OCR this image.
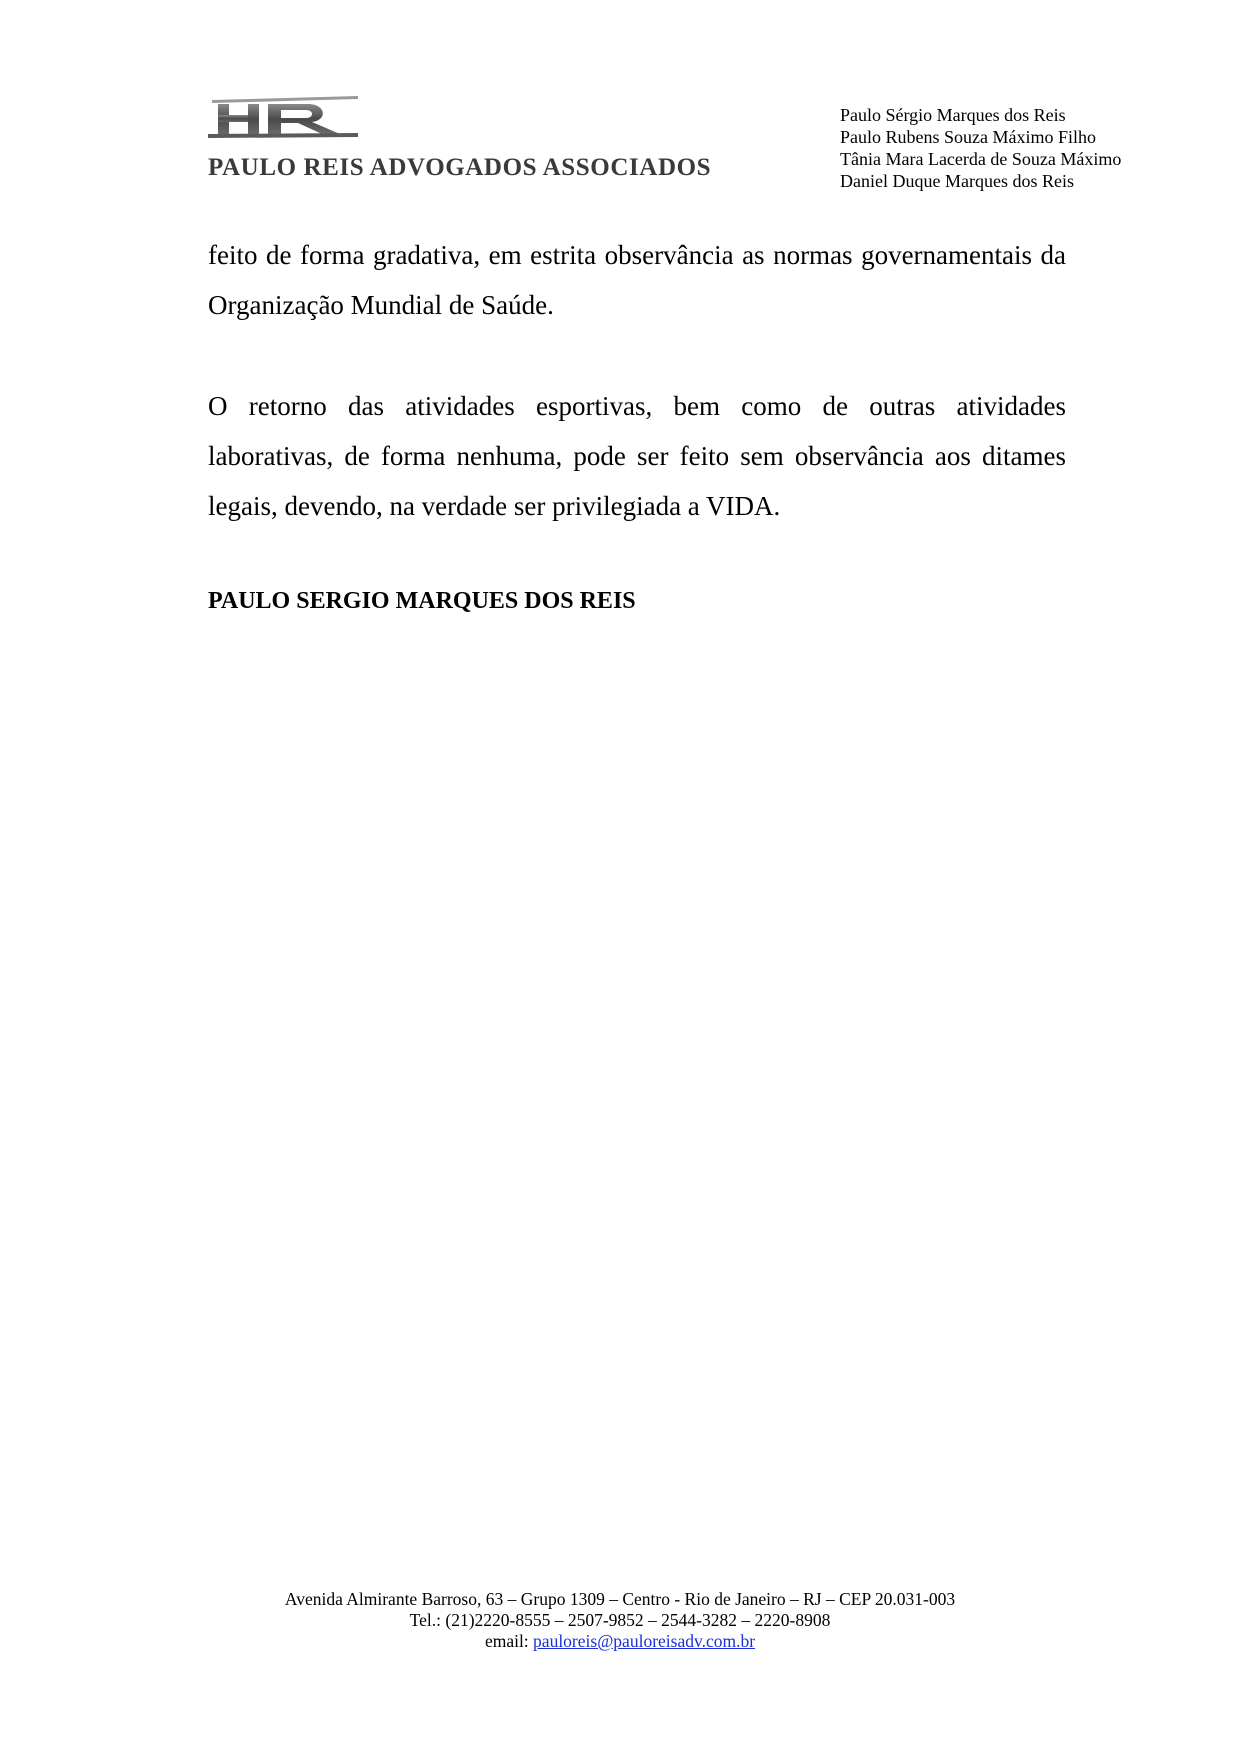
PAULO REIS ADVOGADOS ASSOCIADOS
Paulo Sérgio Marques dos Reis
Paulo Rubens Souza Máximo Filho
Tânia Mara Lacerda de Souza Máximo
Daniel Duque Marques dos Reis

feito de forma gradativa, em estrita observância as normas governamentais da Organização Mundial de Saúde.

O retorno das atividades esportivas, bem como de outras atividades laborativas, de forma nenhuma, pode ser feito sem observância aos ditames legais, devendo, na verdade ser privilegiada a VIDA.

PAULO SERGIO MARQUES DOS REIS
Avenida Almirante Barroso, 63 – Grupo 1309 – Centro - Rio de Janeiro – RJ – CEP 20.031-003
Tel.: (21)2220-8555 – 2507-9852 – 2544-3282 – 2220-8908
email: pauloreis@pauloreisadv.com.br
